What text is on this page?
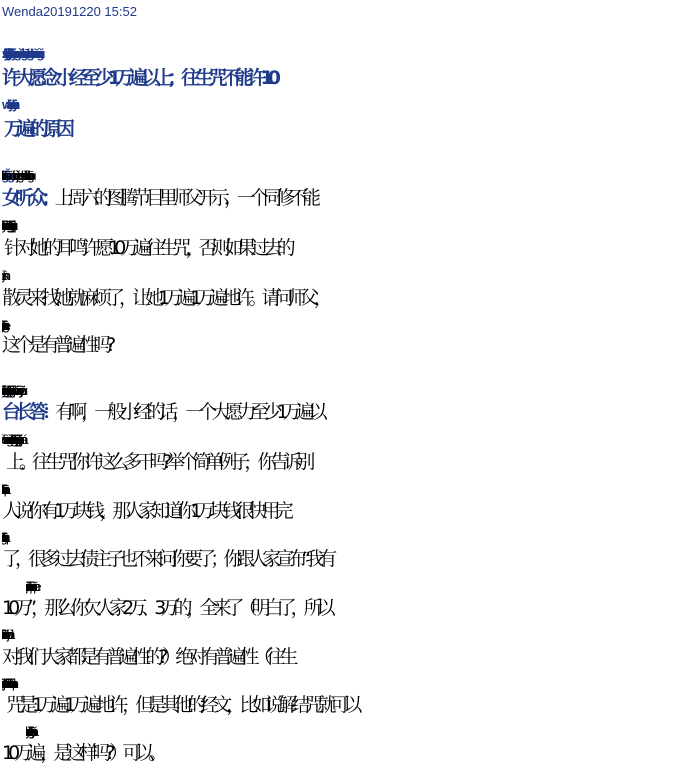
Wenda20191220 15:52
xǔ dà yuàn niàn xiǎo jīng zhì shǎo wàn biàn yǐ shàng wǎng shēng zhòu bù néng xǔ
许大愿 念 小 经至少1万 遍以上； 往 生 咒不能许10
wàn biàn de yuán yīn
万遍的原因
nǚ tīng zhòng
女听 众： 上 周 六的图 腾 节目里师父开示，一个 同 修不 能
zhēn duì tā de ěr míng xǔ yuàn wàn biàn wǎng shēng zhòu fǒu zé rúguǒ guò qù de
针 对她的耳 鸣 许 愿 10万 遍 往 生 咒，否则如果 过 去的
散 灵来找她就麻烦了，让 她1 万 遍 1 万 遍 地许。请 问 师父，
zhè ge shì yǒu pǔ biàn xìng ma
这个是有普遍 性 吗?
tái zhǎng dá
台 长 答： 有啊，一般 小 经的话，一个大 愿 力至少 1万遍以
上。往 生 咒 你许这么多 干 吗?举个简 单例子，你 告 诉别
人 说 你有1万 块 钱 ，那人家知道你1万 块 钱 很 快 用 完
了，很 多 过 去债 主子也不来问 你要了；你跟 人 家 宣 布“我有
10 万 ”，那么你 欠 人家2 万、3 万 的， 全 来了（明 白了，所以
对我 们 大家都 是有普遍 性 的?）绝对有普遍 性 （ 往 生
咒是1万遍1万 遍 地许，但是其他的经文，比如说 解结 咒 就可以
wàn biàn shì zhè yàng ma kě yǐ
10 万 遍，是这 样 吗?）可以。
